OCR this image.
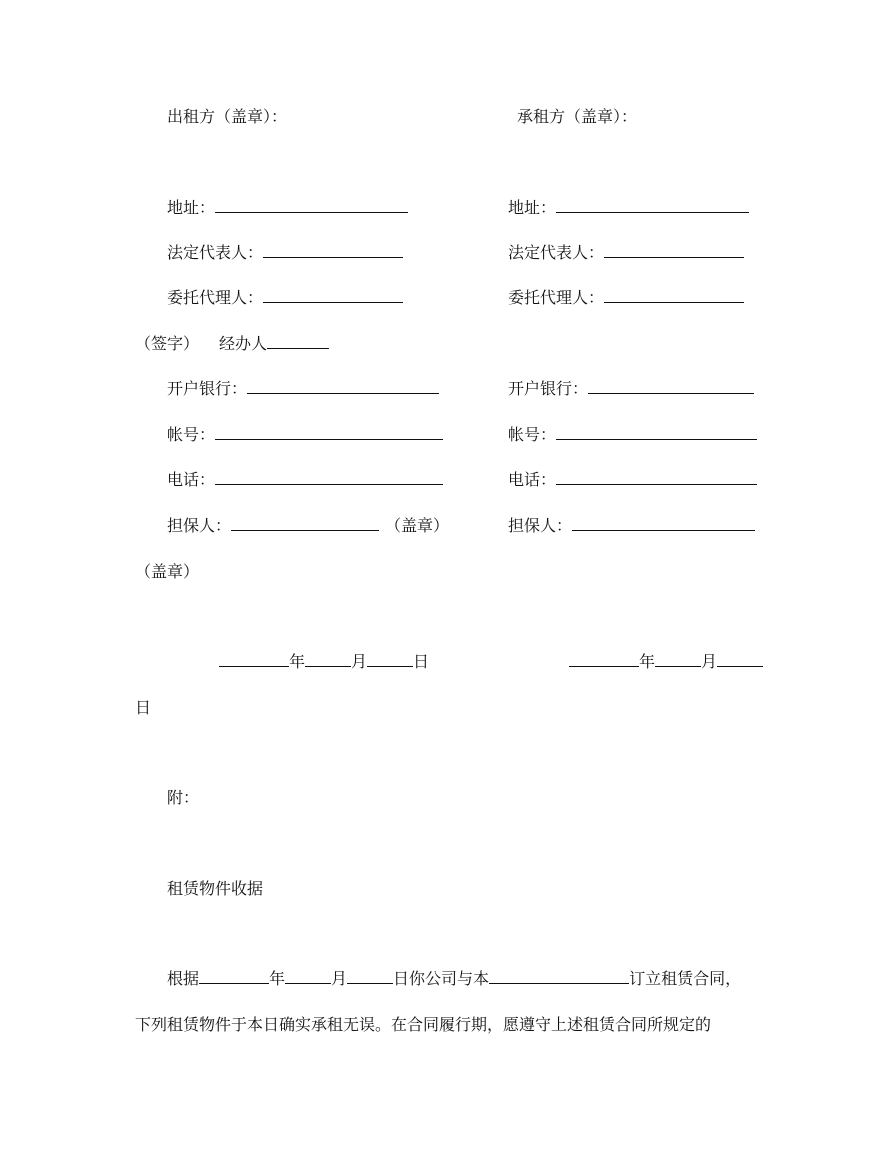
出租方（盖章）：	承租方（盖章）：
地址：	地址：
法定代表人：	法定代表人：
委托代理人：	委托代理人：
（签字） 经办人
开户银行：	开户银行：
帐号：	帐号：
电话：	电话：
担保人：	（盖章）	担保人：
（盖章）
年	月	日	年	月
日
附：
租赁物件收据
根据	年	月	日你公司与本	订立租赁合同，
下列租赁物件于本日确实承租无误。在合同履行期，愿遵守上述租赁合同所规定的
